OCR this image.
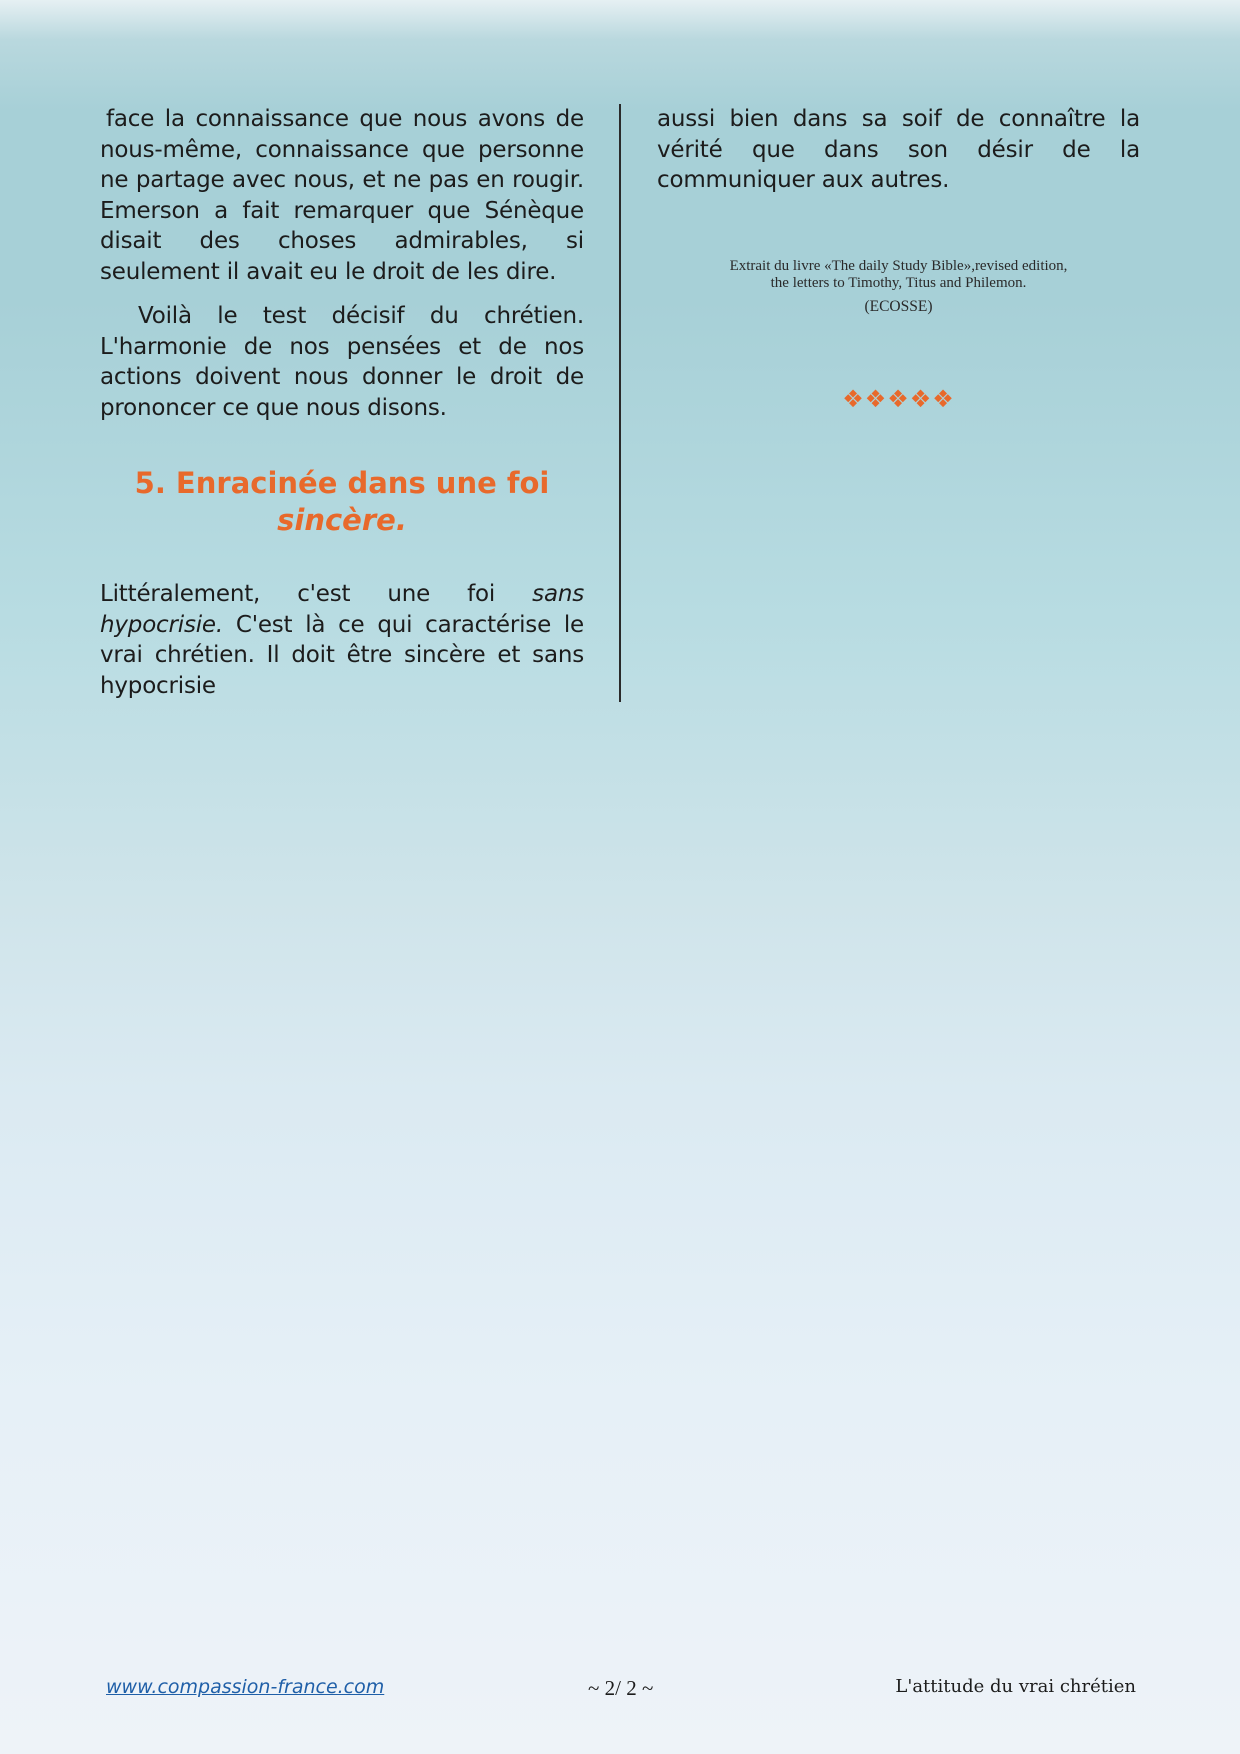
face la connaissance que nous avons de nous-même, connaissance que personne ne partage avec nous, et ne pas en rougir. Emerson a fait remarquer que Sénèque disait des choses admirables, si seulement il avait eu le droit de les dire.

Voilà le test décisif du chrétien. L'harmonie de nos pensées et de nos actions doivent nous donner le droit de prononcer ce que nous disons.

5. Enracinée dans une foi
sincère.

Littéralement, c'est une foi sans hypocrisie. C'est là ce qui caractérise le vrai chrétien. Il doit être sincère et sans hypocrisie

aussi bien dans sa soif de connaître la vérité que dans son désir de la communiquer aux autres.

Extrait du livre «The daily Study Bible»,revised edition,
the letters to Timothy, Titus and Philemon.
(ECOSSE)
❖❖❖❖❖
www.compassion-france.com	~ 2/ 2 ~	L'attitude du vrai chrétien
